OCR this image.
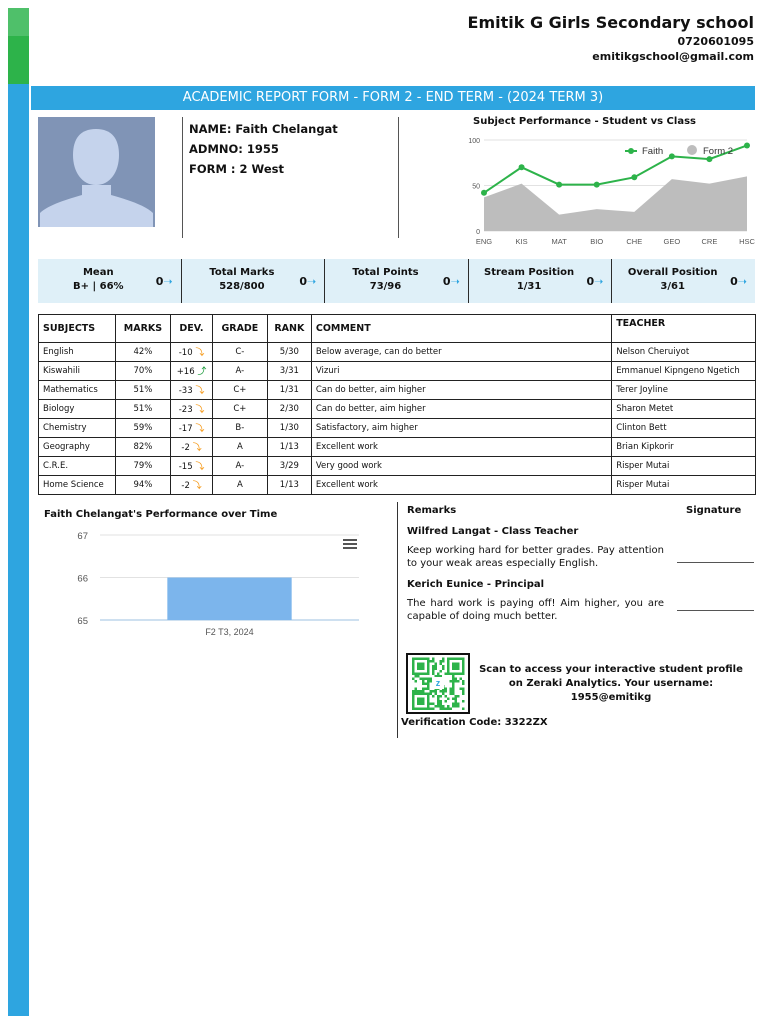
Emitik G Girls Secondary school
0720601095
emitikgschool@gmail.com
ACADEMIC REPORT FORM - FORM 2 - END TERM - (2024 TERM 3)
NAME: Faith Chelangat
ADMNO: 1955
FORM : 2 West
Subject Performance - Student vs Class
0
50
100
ENG	KIS	MAT	BIO	CHE	GEO	CRE	HSC
Faith	Form 2
Mean
B+ | 66%	0➝
Total Marks
528/800	0➝
Total Points
73/96	0➝
Stream Position
1/31	0➝
Overall Position
3/61	0➝
SUBJECTS	MARKS	DEV.	GRADE	RANK	COMMENT	TEACHER
English	42%	-10 ⤵	C-	5/30	Below average, can do better	Nelson Cheruiyot
Kiswahili	70%	+16 ⤴	A-	3/31	Vizuri	Emmanuel Kipngeno Ngetich
Mathematics	51%	-33 ⤵	C+	1/31	Can do better, aim higher	Terer Joyline
Biology	51%	-23 ⤵	C+	2/30	Can do better, aim higher	Sharon Metet
Chemistry	59%	-17 ⤵	B-	1/30	Satisfactory, aim higher	Clinton Bett
Geography	82%	-2 ⤵	A	1/13	Excellent work	Brian Kipkorir
C.R.E.	79%	-15 ⤵	A-	3/29	Very good work	Risper Mutai
Home Science	94%	-2 ⤵	A	1/13	Excellent work	Risper Mutai
Faith Chelangat's Performance over Time
65
66
67
F2 T3, 2024
Remarks	Signature
Wilfred Langat - Class Teacher
Keep working hard for better grades. Pay attention to your weak areas especially English.
Kerich Eunice - Principal
The hard work is paying off! Aim higher, you are capable of doing much better.
z
Scan to access your interactive student profile on Zeraki Analytics. Your username: 1955@emitikg
Verification Code: 3322ZX
